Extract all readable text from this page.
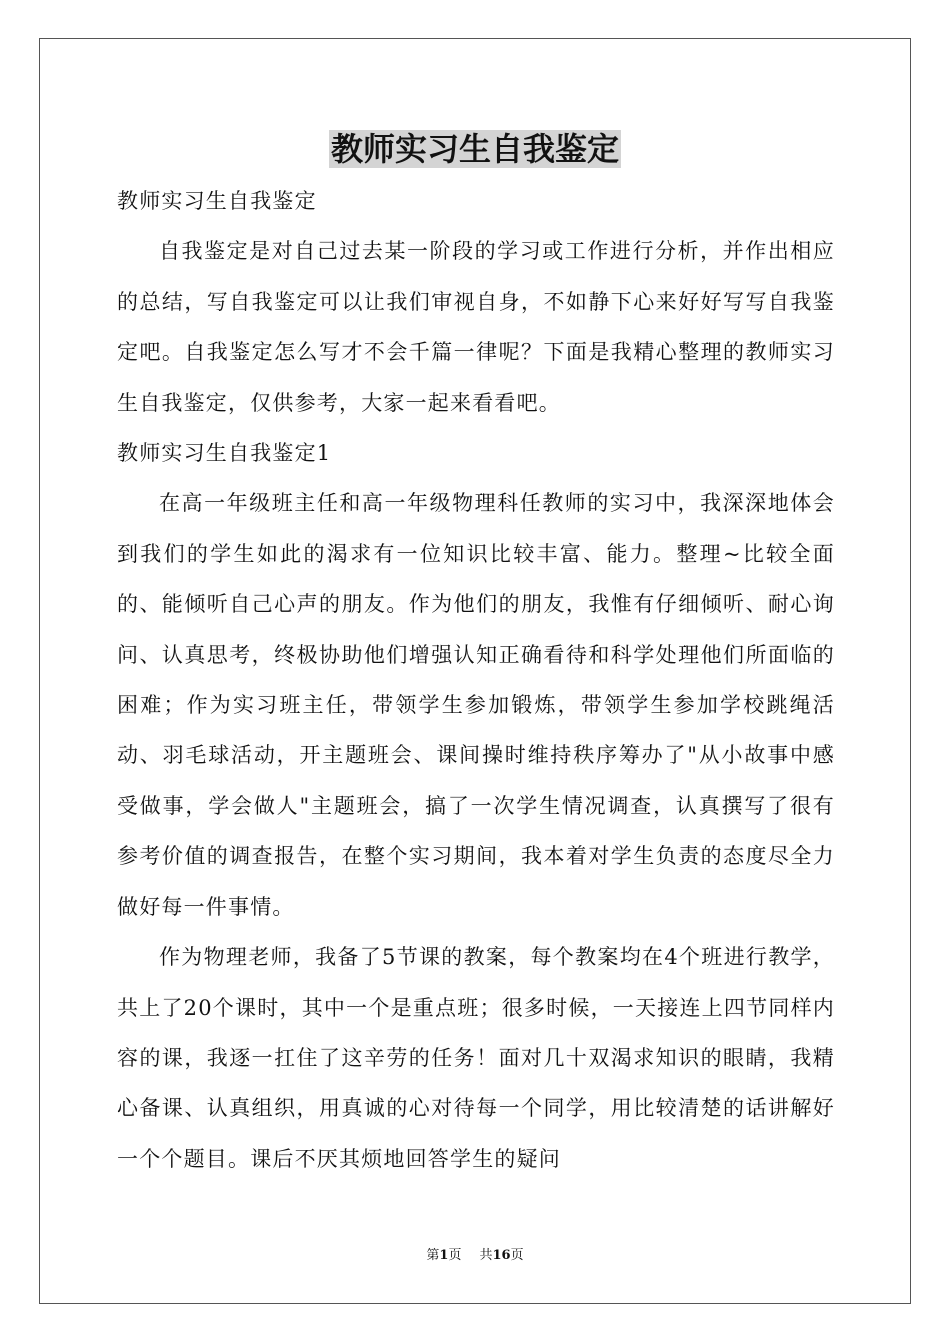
教师实习生自我鉴定

教师实习生自我鉴定

自我鉴定是对自己过去某一阶段的学习或工作进行分析，并作出相应的总结，写自我鉴定可以让我们审视自身，不如静下心来好好写写自我鉴定吧。自我鉴定怎么写才不会千篇一律呢？下面是我精心整理的教师实习生自我鉴定，仅供参考，大家一起来看看吧。

教师实习生自我鉴定1

在高一年级班主任和高一年级物理科任教师的实习中，我深深地体会到我们的学生如此的渴求有一位知识比较丰富、能力。整理~比较全面的、能倾听自己心声的朋友。作为他们的朋友，我惟有仔细倾听、耐心询问、认真思考，终极协助他们增强认知正确看待和科学处理他们所面临的困难；作为实习班主任，带领学生参加锻炼，带领学生参加学校跳绳活动、羽毛球活动，开主题班会、课间操时维持秩序筹办了"从小故事中感受做事，学会做人"主题班会，搞了一次学生情况调查，认真撰写了很有参考价值的调查报告，在整个实习期间，我本着对学生负责的态度尽全力做好每一件事情。

作为物理老师，我备了5节课的教案，每个教案均在4个班进行教学，共上了20个课时，其中一个是重点班；很多时候，一天接连上四节同样内容的课，我逐一扛住了这辛劳的任务！面对几十双渴求知识的眼睛，我精心备课、认真组织，用真诚的心对待每一个同学，用比较清楚的话讲解好一个个题目。课后不厌其烦地回答学生的疑问

第1页 共16页
